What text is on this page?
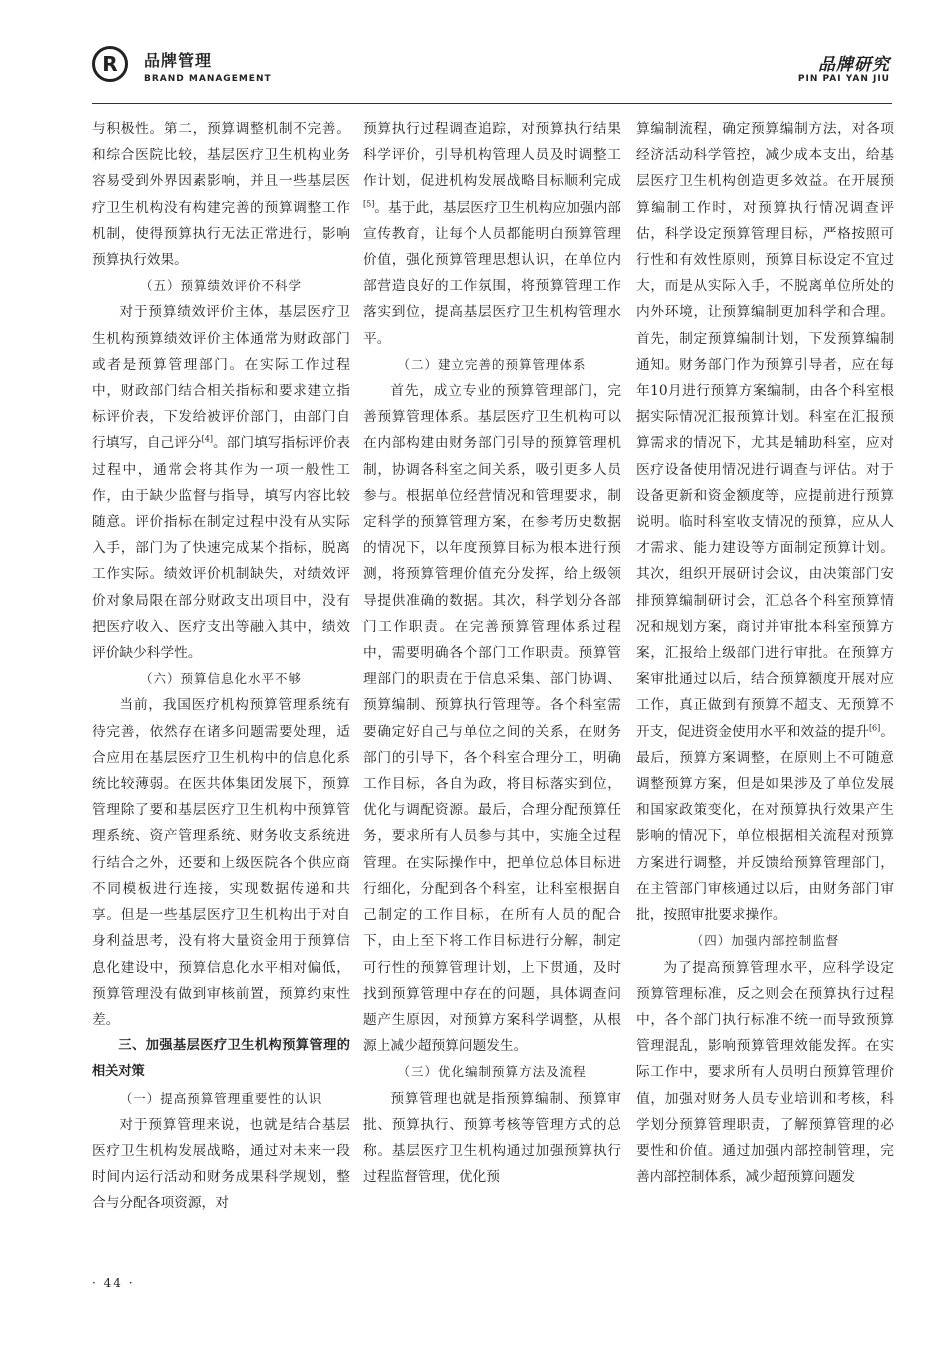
R	品牌管理
BRAND MANAGEMENT
品牌研究
PIN PAI YAN JIU

与积极性。第二，预算调整机制不完善。和综合医院比较，基层医疗卫生机构业务容易受到外界因素影响，并且一些基层医疗卫生机构没有构建完善的预算调整工作机制，使得预算执行无法正常进行，影响预算执行效果。

（五）预算绩效评价不科学

对于预算绩效评价主体，基层医疗卫生机构预算绩效评价主体通常为财政部门或者是预算管理部门。在实际工作过程中，财政部门结合相关指标和要求建立指标评价表，下发给被评价部门，由部门自行填写，自己评分[4]。部门填写指标评价表过程中，通常会将其作为一项一般性工作，由于缺少监督与指导，填写内容比较随意。评价指标在制定过程中没有从实际入手，部门为了快速完成某个指标，脱离工作实际。绩效评价机制缺失，对绩效评价对象局限在部分财政支出项目中，没有把医疗收入、医疗支出等融入其中，绩效评价缺少科学性。

（六）预算信息化水平不够

当前，我国医疗机构预算管理系统有待完善，依然存在诸多问题需要处理，适合应用在基层医疗卫生机构中的信息化系统比较薄弱。在医共体集团发展下，预算管理除了要和基层医疗卫生机构中预算管理系统、资产管理系统、财务收支系统进行结合之外，还要和上级医院各个供应商不同模板进行连接，实现数据传递和共享。但是一些基层医疗卫生机构出于对自身利益思考，没有将大量资金用于预算信息化建设中，预算信息化水平相对偏低，预算管理没有做到审核前置，预算约束性差。

三、加强基层医疗卫生机构预算管理的相关对策

（一）提高预算管理重要性的认识

对于预算管理来说，也就是结合基层医疗卫生机构发展战略，通过对未来一段时间内运行活动和财务成果科学规划，整合与分配各项资源，对

预算执行过程调查追踪，对预算执行结果科学评价，引导机构管理人员及时调整工作计划，促进机构发展战略目标顺利完成[5]。基于此，基层医疗卫生机构应加强内部宣传教育，让每个人员都能明白预算管理价值，强化预算管理思想认识，在单位内部营造良好的工作氛围，将预算管理工作落实到位，提高基层医疗卫生机构管理水平。

（二）建立完善的预算管理体系

首先，成立专业的预算管理部门，完善预算管理体系。基层医疗卫生机构可以在内部构建由财务部门引导的预算管理机制，协调各科室之间关系，吸引更多人员参与。根据单位经营情况和管理要求，制定科学的预算管理方案，在参考历史数据的情况下，以年度预算目标为根本进行预测，将预算管理价值充分发挥，给上级领导提供准确的数据。其次，科学划分各部门工作职责。在完善预算管理体系过程中，需要明确各个部门工作职责。预算管理部门的职责在于信息采集、部门协调、预算编制、预算执行管理等。各个科室需要确定好自己与单位之间的关系，在财务部门的引导下，各个科室合理分工，明确工作目标，各自为政，将目标落实到位，优化与调配资源。最后，合理分配预算任务，要求所有人员参与其中，实施全过程管理。在实际操作中，把单位总体目标进行细化，分配到各个科室，让科室根据自己制定的工作目标，在所有人员的配合下，由上至下将工作目标进行分解，制定可行性的预算管理计划，上下贯通，及时找到预算管理中存在的问题，具体调查问题产生原因，对预算方案科学调整，从根源上减少超预算问题发生。

（三）优化编制预算方法及流程

预算管理也就是指预算编制、预算审批、预算执行、预算考核等管理方式的总称。基层医疗卫生机构通过加强预算执行过程监督管理，优化预

算编制流程，确定预算编制方法，对各项经济活动科学管控，减少成本支出，给基层医疗卫生机构创造更多效益。在开展预算编制工作时，对预算执行情况调查评估，科学设定预算管理目标，严格按照可行性和有效性原则，预算目标设定不宜过大，而是从实际入手，不脱离单位所处的内外环境，让预算编制更加科学和合理。首先，制定预算编制计划，下发预算编制通知。财务部门作为预算引导者，应在每年10月进行预算方案编制，由各个科室根据实际情况汇报预算计划。科室在汇报预算需求的情况下，尤其是辅助科室，应对医疗设备使用情况进行调查与评估。对于设备更新和资金额度等，应提前进行预算说明。临时科室收支情况的预算，应从人才需求、能力建设等方面制定预算计划。其次，组织开展研讨会议，由决策部门安排预算编制研讨会，汇总各个科室预算情况和规划方案，商讨并审批本科室预算方案，汇报给上级部门进行审批。在预算方案审批通过以后，结合预算额度开展对应工作，真正做到有预算不超支、无预算不开支，促进资金使用水平和效益的提升[6]。最后，预算方案调整，在原则上不可随意调整预算方案，但是如果涉及了单位发展和国家政策变化，在对预算执行效果产生影响的情况下，单位根据相关流程对预算方案进行调整，并反馈给预算管理部门，在主管部门审核通过以后，由财务部门审批，按照审批要求操作。

（四）加强内部控制监督

为了提高预算管理水平，应科学设定预算管理标准，反之则会在预算执行过程中，各个部门执行标准不统一而导致预算管理混乱，影响预算管理效能发挥。在实际工作中，要求所有人员明白预算管理价值，加强对财务人员专业培训和考核，科学划分预算管理职责，了解预算管理的必要性和价值。通过加强内部控制管理，完善内部控制体系，减少超预算问题发

· 44 ·
